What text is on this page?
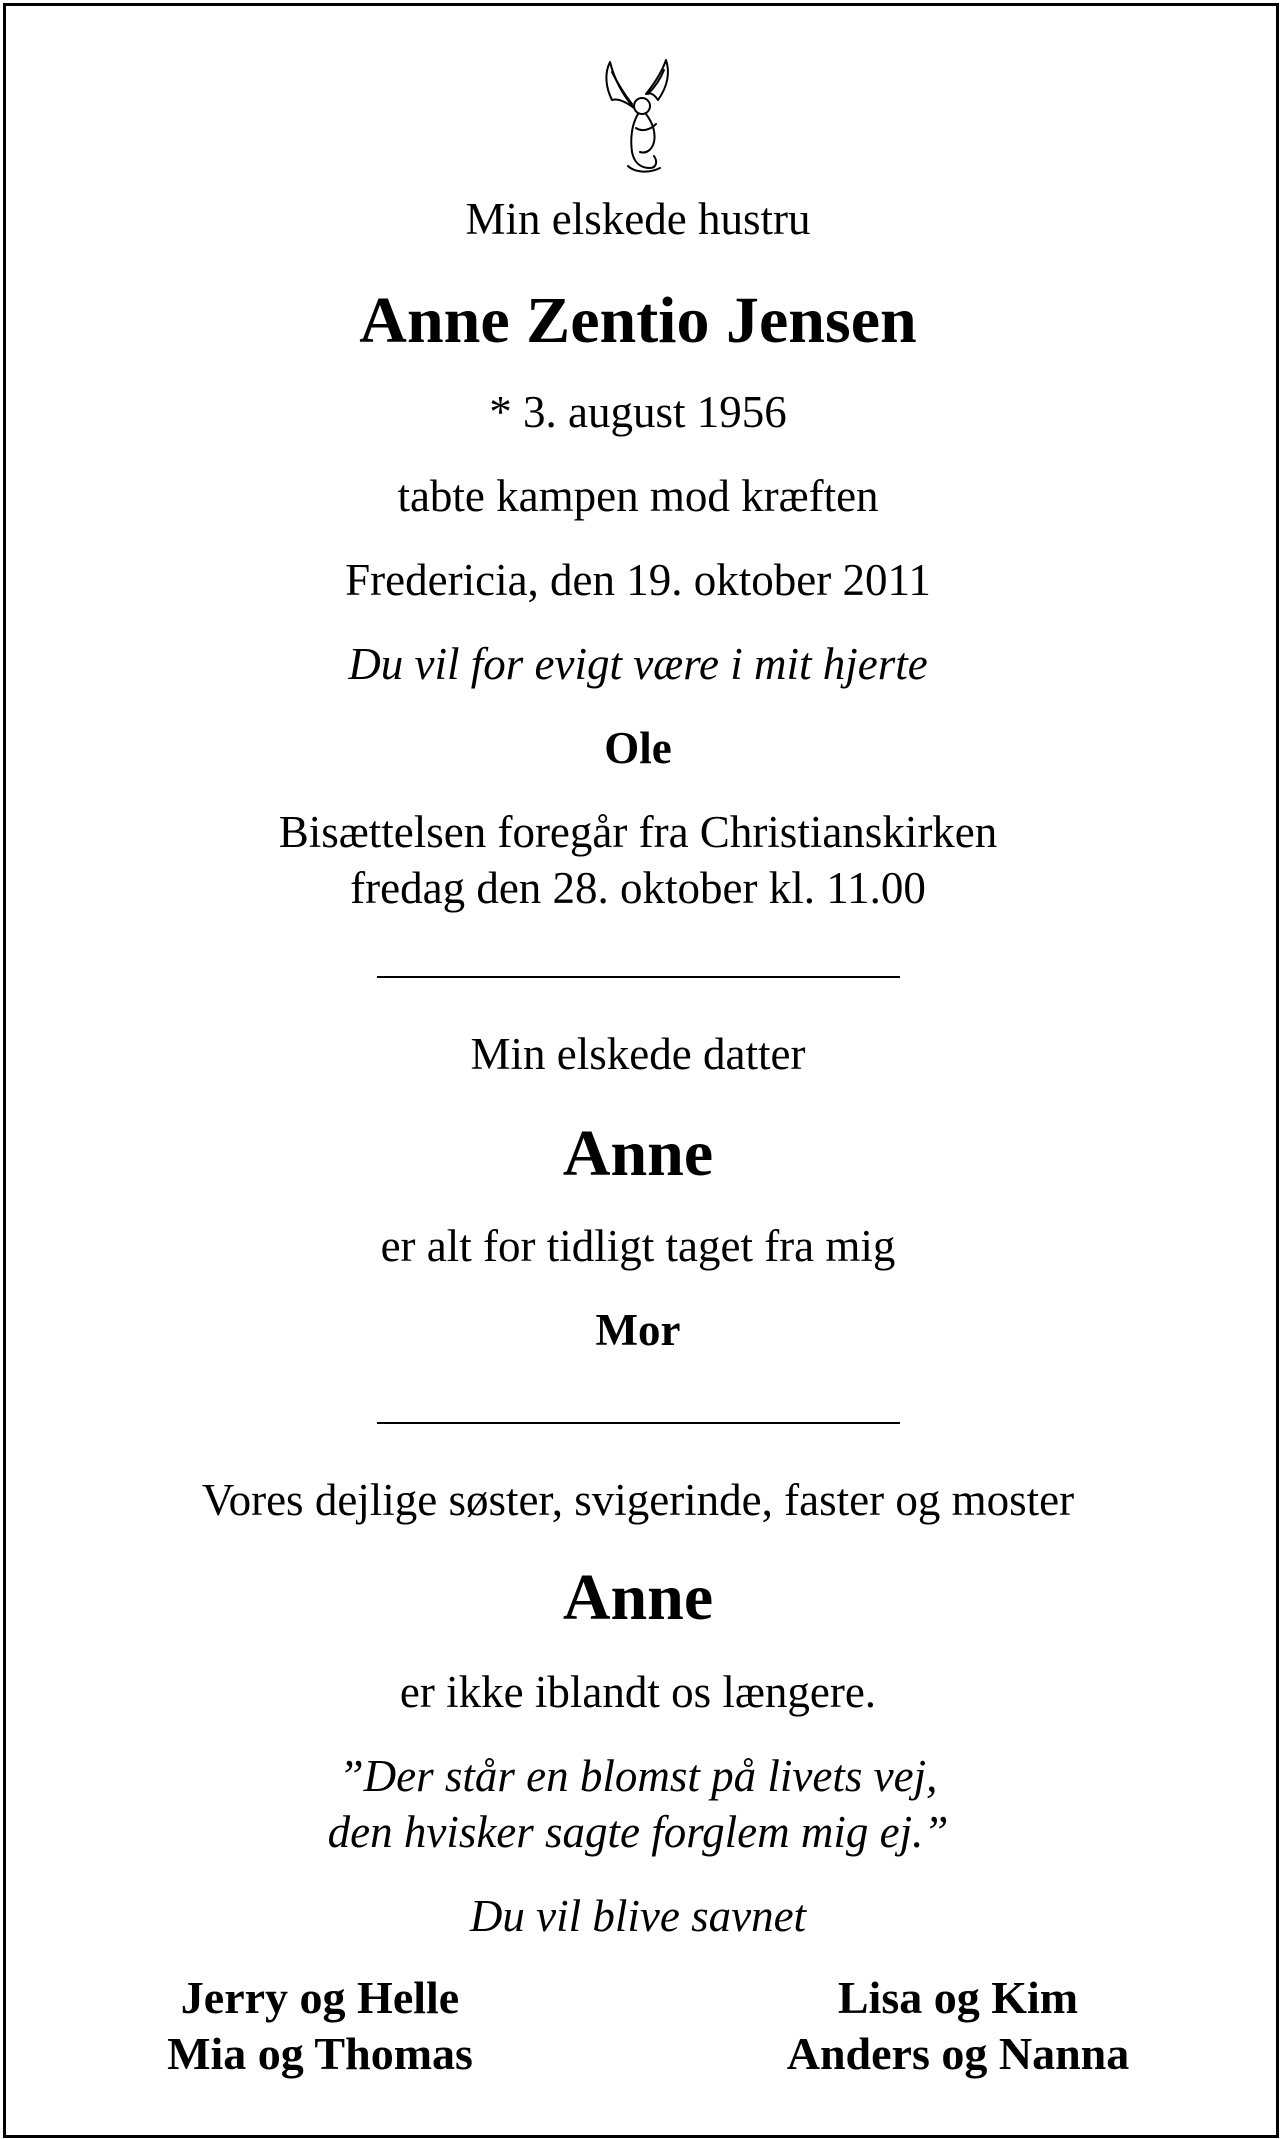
Min elskede hustru
Anne Zentio Jensen
* 3. august 1956
tabte kampen mod kræften
Fredericia, den 19. oktober 2011
Du vil for evigt være i mit hjerte
Ole
Bisættelsen foregår fra Christianskirken
fredag den 28. oktober kl. 11.00
Min elskede datter
Anne
er alt for tidligt taget fra mig
Mor
Vores dejlige søster, svigerinde, faster og moster
Anne
er ikke iblandt os længere.
”Der står en blomst på livets vej,
den hvisker sagte forglem mig ej.”
Du vil blive savnet
Jerry og Helle
Mia og Thomas
Lisa og Kim
Anders og Nanna
